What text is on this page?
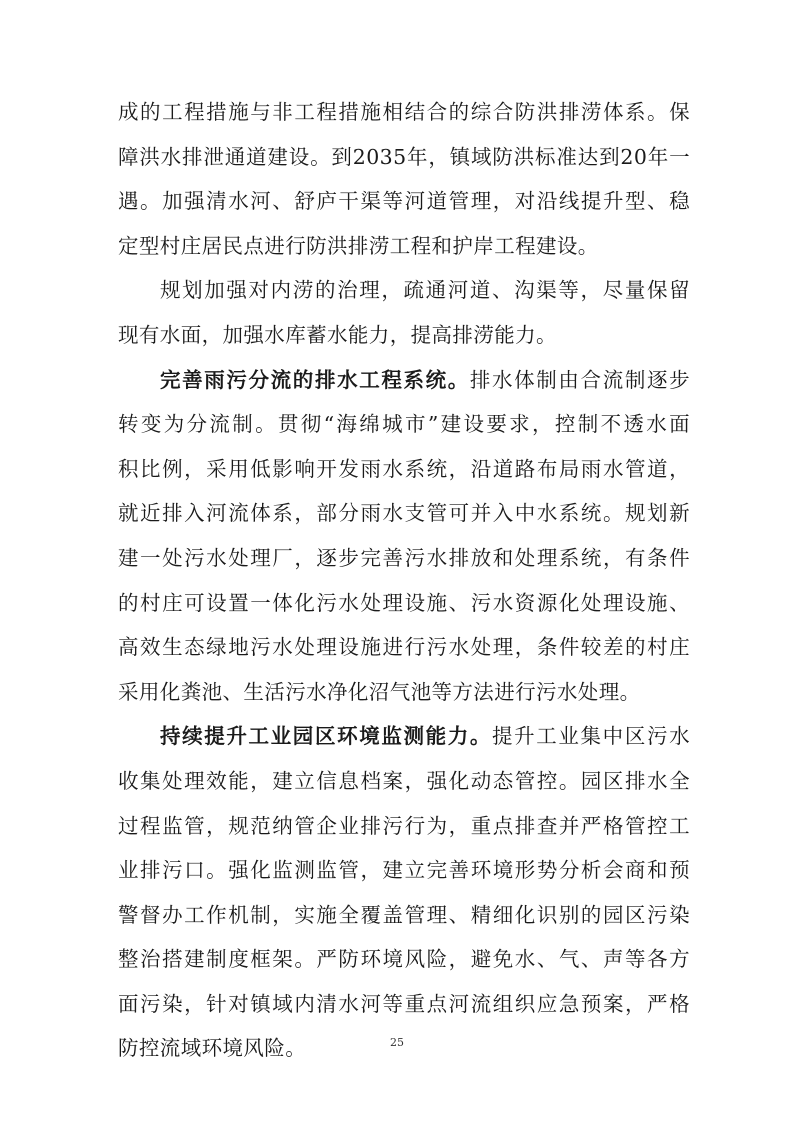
成的工程措施与非工程措施相结合的综合防洪排涝体系。保
障洪水排泄通道建设。到2035年，镇域防洪标准达到20年一
遇。加强清水河、舒庐干渠等河道管理，对沿线提升型、稳
定型村庄居民点进行防洪排涝工程和护岸工程建设。
规划加强对内涝的治理，疏通河道、沟渠等，尽量保留
现有水面，加强水库蓄水能力，提高排涝能力。
完善雨污分流的排水工程系统。排水体制由合流制逐步
转变为分流制。贯彻“海绵城市”建设要求，控制不透水面
积比例，采用低影响开发雨水系统，沿道路布局雨水管道，
就近排入河流体系，部分雨水支管可并入中水系统。规划新
建一处污水处理厂，逐步完善污水排放和处理系统，有条件
的村庄可设置一体化污水处理设施、污水资源化处理设施、
高效生态绿地污水处理设施进行污水处理，条件较差的村庄
采用化粪池、生活污水净化沼气池等方法进行污水处理。
持续提升工业园区环境监测能力。提升工业集中区污水
收集处理效能，建立信息档案，强化动态管控。园区排水全
过程监管，规范纳管企业排污行为，重点排查并严格管控工
业排污口。强化监测监管，建立完善环境形势分析会商和预
警督办工作机制，实施全覆盖管理、精细化识别的园区污染
整治搭建制度框架。严防环境风险，避免水、气、声等各方
面污染，针对镇域内清水河等重点河流组织应急预案，严格
防控流域环境风险。	25
